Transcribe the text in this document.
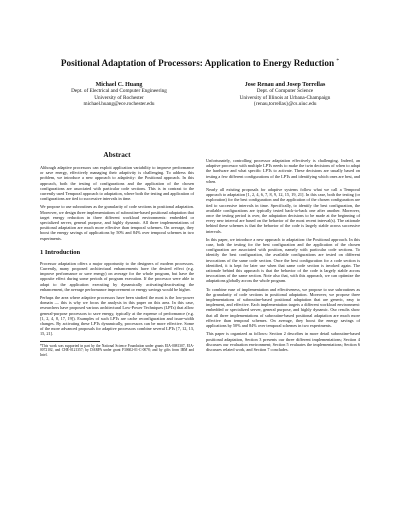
Positional Adaptation of Processors: Application to Energy Reduction *
Michael C. Huang
Dept. of Electrical and Computer Engineering
University of Rochester
michael.huang@ece.rochester.edu
Jose Renau and Josep Torrellas
Dept. of Computer Science
University of Illinois at Urbana-Champaign
{renau,torrellas}@cs.uiuc.edu
Abstract

Although adaptive processors can exploit application variability to improve performance or save energy, effectively managing their adaptivity is challenging. To address this problem, we introduce a new approach to adaptivity: the Positional approach. In this approach, both the testing of configurations and the application of the chosen configurations are associated with particular code sections. This is in contrast to the currently used Temporal approach to adaptation, where both the testing and application of configurations are tied to successive intervals in time.

We propose to use subroutines as the granularity of code sections in positional adaptation. Moreover, we design three implementations of subroutine-based positional adaptation that target energy reduction in three different workload environments: embedded or specialized server, general purpose, and highly dynamic. All three implementations of positional adaptation are much more effective than temporal schemes. On average, they boost the energy savings of applications by 50% and 84% over temporal schemes in two experiments.

1 Introduction

Processor adaptation offers a major opportunity to the designers of modern processors. Currently, many proposed architectural enhancements have the desired effect (e.g. improve performance or save energy) on average for the whole program, but have the opposite effect during some periods of program execution. If the processor were able to adapt to the application executing by dynamically activating/deactivating the enhancement, the average performance improvement or energy savings would be higher.

Perhaps the area where adaptive processors have been studied the most is the low-power domain — this is why we focus the analysis in this paper on this area. In this case, researchers have proposed various architectural Low-Power Techniques (LPTs) that allow general-purpose processors to save energy, typically at the expense of performance (e.g. [1, 2, 4, 8, 17, 19]). Examples of such LPTs are cache reconfiguration and issue-width changes. By activating these LPTs dynamically, processors can be more effective. Some of the more advanced proposals for adaptive processors combine several LPTs [7, 12, 13, 15, 21].

*This work was supported in part by the National Science Foundation under grants EIA-0081307, EIA-0072102, and CHE-0121357; by DARPA under grant F30602-01-C-0078; and by gifts from IBM and Intel.

Unfortunately, controlling processor adaptation effectively is challenging. Indeed, an adaptive processor with multiple LPTs needs to make the twin decisions of when to adapt the hardware and what specific LPTs to activate. These decisions are usually based on testing a few different configurations of the LPTs and identifying which ones are best, and when.

Nearly all existing proposals for adaptive systems follow what we call a Temporal approach to adaptation [1, 2, 4, 6, 7, 8, 9, 12, 15, 19, 21]. In this case, both the testing (or exploration) for the best configuration and the application of the chosen configuration are tied to successive intervals in time. Specifically, to identify the best configuration, the available configurations are typically tested back-to-back one after another. Moreover, once the testing period is over, the adaptation decisions to be made at the beginning of every new interval are based on the behavior of the most recent interval(s). The rationale behind these schemes is that the behavior of the code is largely stable across successive intervals.

In this paper, we introduce a new approach to adaptation: the Positional approach. In this case, both the testing for the best configuration and the application of the chosen configuration are associated with position, namely with particular code sections. To identify the best configuration, the available configurations are tested on different invocations of the same code section. Once the best configuration for a code section is identified, it is kept for later use when that same code section is invoked again. The rationale behind this approach is that the behavior of the code is largely stable across invocations of the same section. Note also that, with this approach, we can optimize the adaptations globally across the whole program.

To combine ease of implementation and effectiveness, we propose to use subroutines as the granularity of code sections in positional adaptation. Moreover, we propose three implementations of subroutine-based positional adaptation that are generic, easy to implement, and effective. Each implementation targets a different workload environment: embedded or specialized server, general purpose, and highly dynamic. Our results show that all three implementations of subroutine-based positional adaptation are much more effective than temporal schemes. On average, they boost the energy savings of applications by 50% and 84% over temporal schemes in two experiments.

This paper is organized as follows: Section 2 describes in more detail subroutine-based positional adaptation, Section 3 presents our three different implementations; Section 4 discusses our evaluation environment; Section 5 evaluates the implementations; Section 6 discusses related work, and Section 7 concludes.
